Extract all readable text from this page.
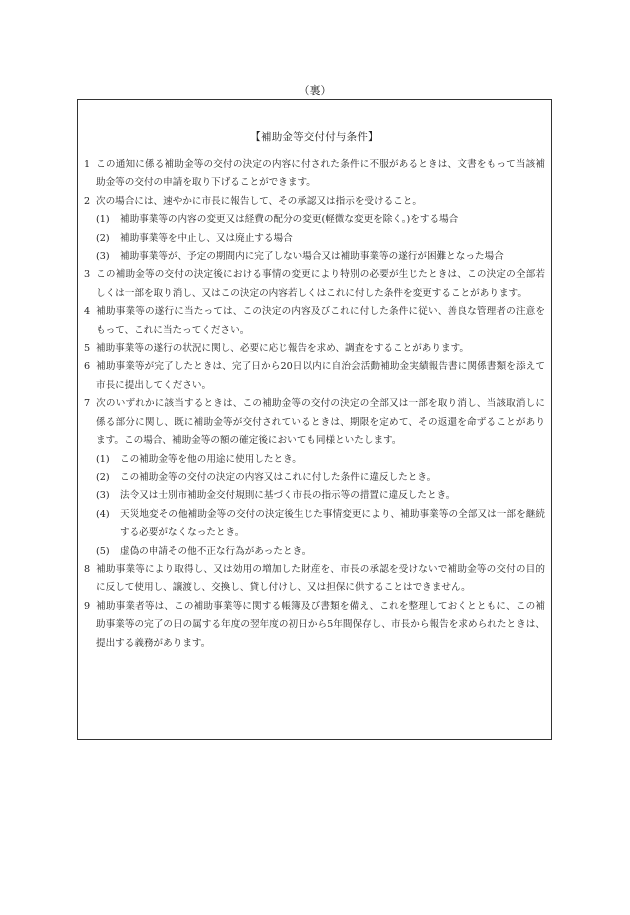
（裏）
【補助金等交付付与条件】
1 この通知に係る補助金等の交付の決定の内容に付された条件に不服があるときは、文書をもって当該補助金等の交付の申請を取り下げることができます。
2 次の場合には、速やかに市長に報告して、その承認又は指示を受けること。
(1) 補助事業等の内容の変更又は経費の配分の変更(軽微な変更を除く。)をする場合
(2) 補助事業等を中止し、又は廃止する場合
(3) 補助事業等が、予定の期間内に完了しない場合又は補助事業等の遂行が困難となった場合
3 この補助金等の交付の決定後における事情の変更により特別の必要が生じたときは、この決定の全部若しくは一部を取り消し、又はこの決定の内容若しくはこれに付した条件を変更することがあります。
4 補助事業等の遂行に当たっては、この決定の内容及びこれに付した条件に従い、善良な管理者の注意をもって、これに当たってください。
5 補助事業等の遂行の状況に関し、必要に応じ報告を求め、調査をすることがあります。
6 補助事業等が完了したときは、完了日から20日以内に自治会活動補助金実績報告書に関係書類を添えて市長に提出してください。
7 次のいずれかに該当するときは、この補助金等の交付の決定の全部又は一部を取り消し、当該取消しに係る部分に関し、既に補助金等が交付されているときは、期限を定めて、その返還を命ずることがあります。この場合、補助金等の額の確定後においても同様といたします。
(1) この補助金等を他の用途に使用したとき。
(2) この補助金等の交付の決定の内容又はこれに付した条件に違反したとき。
(3) 法令又は士別市補助金交付規則に基づく市長の指示等の措置に違反したとき。
(4) 天災地変その他補助金等の交付の決定後生じた事情変更により、補助事業等の全部又は一部を継続する必要がなくなったとき。
(5) 虚偽の申請その他不正な行為があったとき。
8 補助事業等により取得し、又は効用の増加した財産を、市長の承認を受けないで補助金等の交付の目的に反して使用し、譲渡し、交換し、貸し付けし、又は担保に供することはできません。
9 補助事業者等は、この補助事業等に関する帳簿及び書類を備え、これを整理しておくとともに、この補助事業等の完了の日の属する年度の翌年度の初日から5年間保存し、市長から報告を求められたときは、提出する義務があります。
